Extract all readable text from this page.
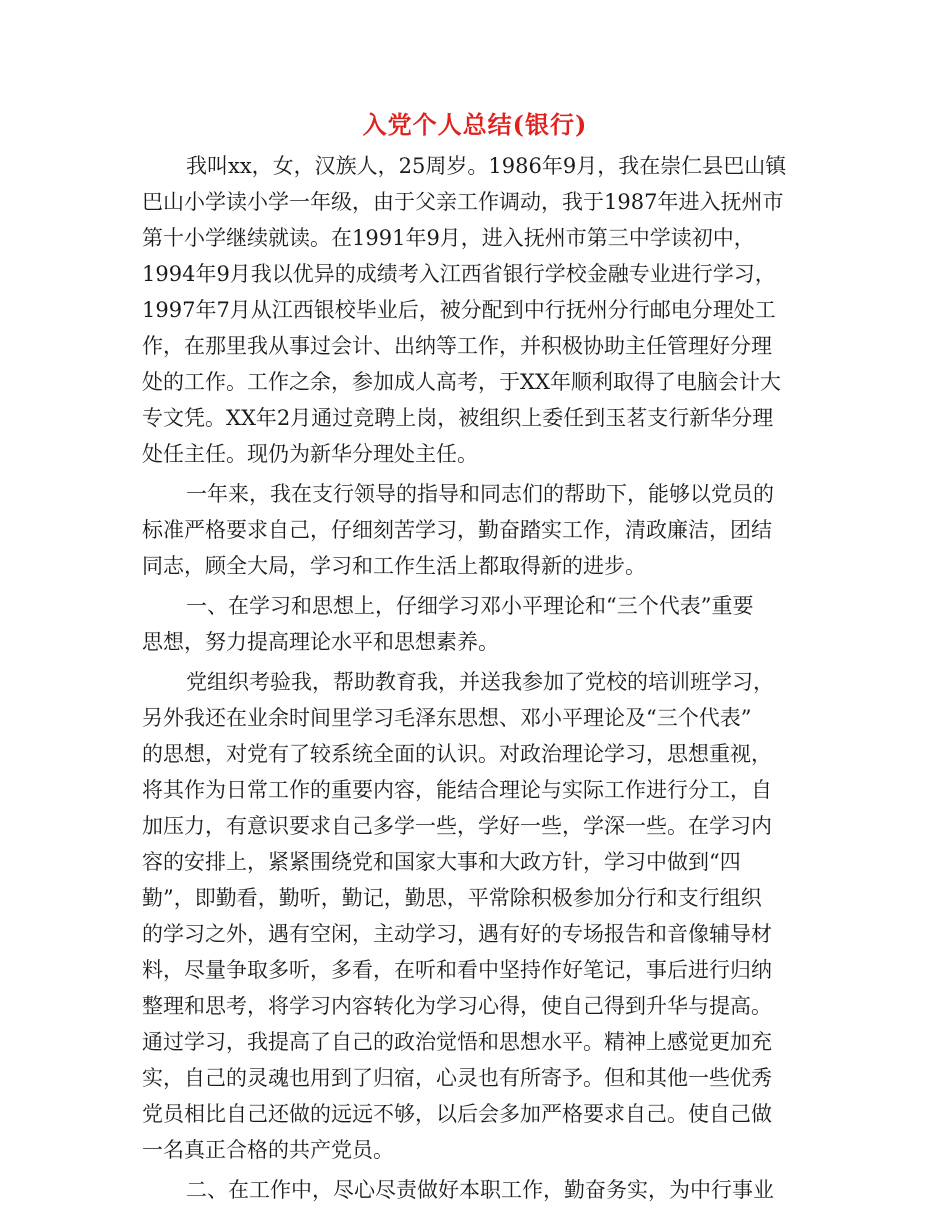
入党个人总结(银行)
我叫xx，女，汉族人，25周岁。1986年9月，我在崇仁县巴山镇
巴山小学读小学一年级，由于父亲工作调动，我于1987年进入抚州市
第十小学继续就读。在1991年9月，进入抚州市第三中学读初中，
1994年9月我以优异的成绩考入江西省银行学校金融专业进行学习，
1997年7月从江西银校毕业后，被分配到中行抚州分行邮电分理处工
作，在那里我从事过会计、出纳等工作，并积极协助主任管理好分理
处的工作。工作之余，参加成人高考，于XX年顺利取得了电脑会计大
专文凭。XX年2月通过竞聘上岗，被组织上委任到玉茗支行新华分理
处任主任。现仍为新华分理处主任。
一年来，我在支行领导的指导和同志们的帮助下，能够以党员的
标准严格要求自己，仔细刻苦学习，勤奋踏实工作，清政廉洁，团结
同志，顾全大局，学习和工作生活上都取得新的进步。
一、在学习和思想上，仔细学习邓小平理论和“三个代表”重要
思想，努力提高理论水平和思想素养。
党组织考验我，帮助教育我，并送我参加了党校的培训班学习，
另外我还在业余时间里学习毛泽东思想、邓小平理论及“三个代表”
的思想，对党有了较系统全面的认识。对政治理论学习，思想重视，
将其作为日常工作的重要内容，能结合理论与实际工作进行分工，自
加压力，有意识要求自己多学一些，学好一些，学深一些。在学习内
容的安排上，紧紧围绕党和国家大事和大政方针，学习中做到“四
勤”，即勤看，勤听，勤记，勤思，平常除积极参加分行和支行组织
的学习之外，遇有空闲，主动学习，遇有好的专场报告和音像辅导材
料，尽量争取多听，多看，在听和看中坚持作好笔记，事后进行归纳
整理和思考，将学习内容转化为学习心得，使自己得到升华与提高。
通过学习，我提高了自己的政治觉悟和思想水平。精神上感觉更加充
实，自己的灵魂也用到了归宿，心灵也有所寄予。但和其他一些优秀
党员相比自己还做的远远不够，以后会多加严格要求自己。使自己做
一名真正合格的共产党员。
二、在工作中，尽心尽责做好本职工作，勤奋务实，为中行事业
